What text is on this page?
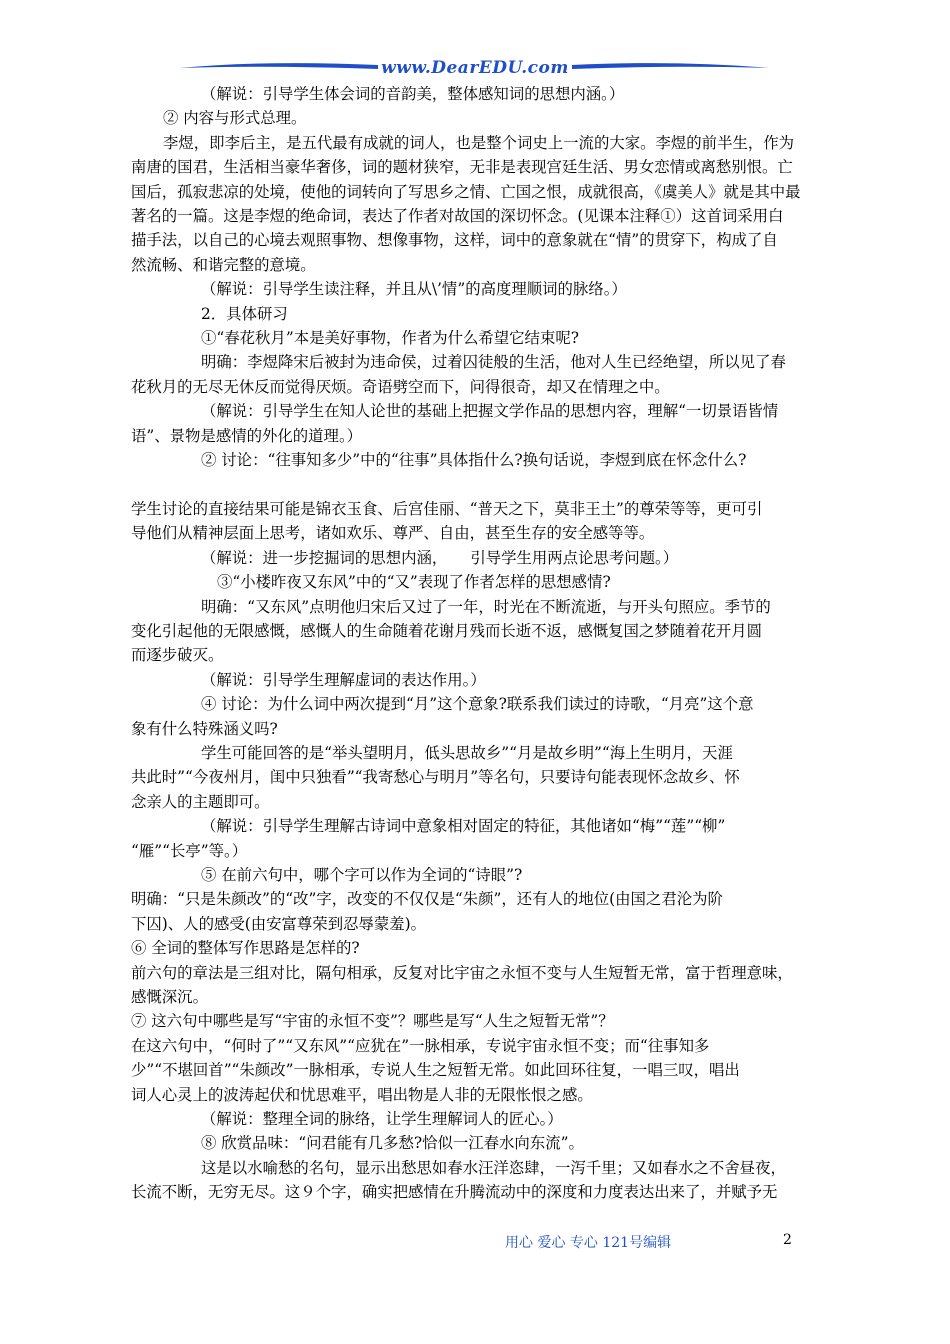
www.DearEDU.com

（解说：引导学生体会词的音韵美，整体感知词的思想内涵。）

② 内容与形式总理。

李煜，即李后主，是五代最有成就的词人，也是整个词史上一流的大家。李煜的前半生，作为

南唐的国君，生活相当豪华奢侈，词的题材狭窄，无非是表现宫廷生活、男女恋情或离愁别恨。亡

国后，孤寂悲凉的处境，使他的词转向了写思乡之情、亡国之恨，成就很高，《虞美人》就是其中最

著名的一篇。这是李煜的绝命词，表达了作者对故国的深切怀念。(见课本注释①）这首词采用白

描手法，以自己的心境去观照事物、想像事物，这样，词中的意象就在“情”的贯穿下，构成了自

然流畅、和谐完整的意境。

（解说：引导学生读注释，并且从\’情”的高度理顺词的脉络。）

2．具体研习

①“春花秋月”本是美好事物，作者为什么希望它结束呢?

明确：李煜降宋后被封为违命侯，过着囚徒般的生活，他对人生已经绝望，所以见了春

花秋月的无尽无休反而觉得厌烦。奇语劈空而下，问得很奇，却又在情理之中。

（解说：引导学生在知人论世的基础上把握文学作品的思想内容，理解“一切景语皆情

语”、景物是感情的外化的道理。）

② 讨论：“往事知多少”中的“往事”具体指什么?换句话说，李煜到底在怀念什么?

学生讨论的直接结果可能是锦衣玉食、后宫佳丽、“普天之下，莫非王土”的尊荣等等，更可引

导他们从精神层面上思考，诸如欢乐、尊严、自由，甚至生存的安全感等等。

（解说：进一步挖掘词的思想内涵，　　引导学生用两点论思考问题。）

③“小楼昨夜又东风”中的“又”表现了作者怎样的思想感情?

明确：“又东风”点明他归宋后又过了一年，时光在不断流逝，与开头句照应。季节的

变化引起他的无限感慨，感慨人的生命随着花谢月残而长逝不返，感慨复国之梦随着花开月圆

而逐步破灭。

（解说：引导学生理解虚词的表达作用。）

④ 讨论：为什么词中两次提到“月”这个意象?联系我们读过的诗歌，“月亮”这个意

象有什么特殊涵义吗?

学生可能回答的是“举头望明月，低头思故乡”“月是故乡明”“海上生明月，天涯

共此时”“今夜州月，闺中只独看”“我寄愁心与明月”等名句，只要诗句能表现怀念故乡、怀

念亲人的主题即可。

（解说：引导学生理解古诗词中意象相对固定的特征，其他诸如“梅”“莲”“柳”

“雁”“长亭”等。）

⑤ 在前六句中，哪个字可以作为全词的“诗眼”?

明确：“只是朱颜改”的“改”字，改变的不仅仅是“朱颜”，还有人的地位(由国之君沦为阶

下囚)、人的感受(由安富尊荣到忍辱蒙羞)。

⑥ 全词的整体写作思路是怎样的?

前六句的章法是三组对比，隔句相承，反复对比宇宙之永恒不变与人生短暂无常，富于哲理意味，

感慨深沉。

⑦ 这六句中哪些是写“宇宙的永恒不变”？哪些是写“人生之短暂无常”？

在这六句中，“何时了”“又东风”“应犹在”一脉相承，专说宇宙永恒不变；而“往事知多

少”“不堪回首”“朱颜改”一脉相承，专说人生之短暂无常。如此回环往复，一唱三叹，唱出

词人心灵上的波涛起伏和忧思难平，唱出物是人非的无限怅恨之感。

（解说：整理全词的脉络，让学生理解词人的匠心。）

⑧ 欣赏品味：“问君能有几多愁?恰似一江春水向东流”。

这是以水喻愁的名句，显示出愁思如春水汪洋恣肆，一泻千里；又如春水之不舍昼夜，

长流不断，无穷无尽。这９个字，确实把感情在升腾流动中的深度和力度表达出来了，并赋予无

用心 爱心 专心 121号编辑	2
